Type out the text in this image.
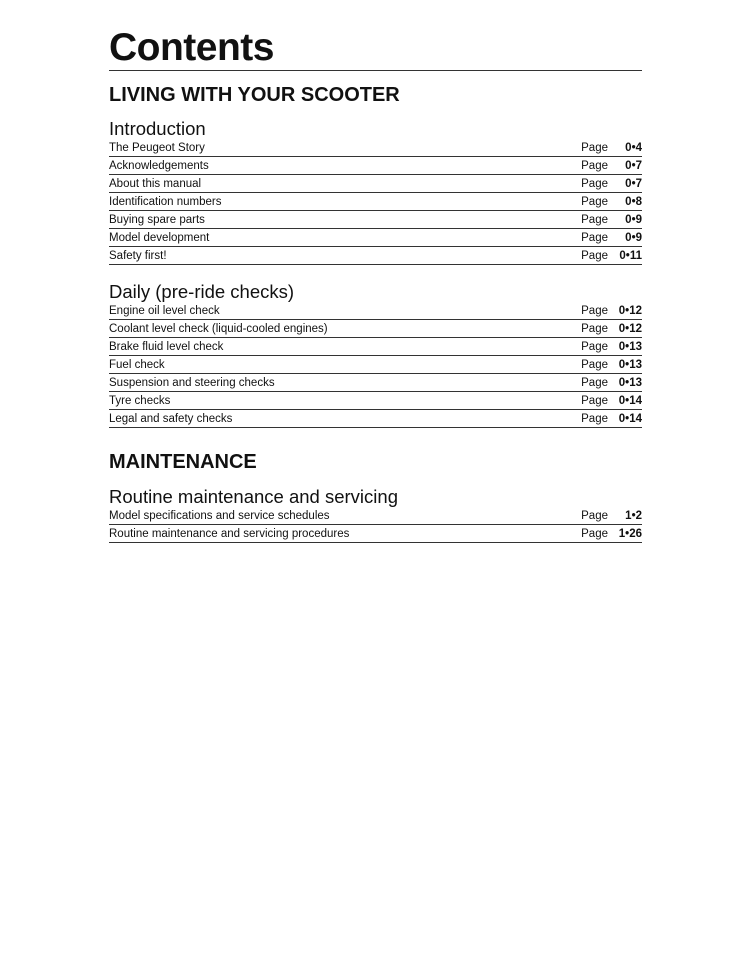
Contents
LIVING WITH YOUR SCOOTER
Introduction
The Peugeot Story	Page 0•4
Acknowledgements	Page 0•7
About this manual	Page 0•7
Identification numbers	Page 0•8
Buying spare parts	Page 0•9
Model development	Page 0•9
Safety first!	Page 0•11
Daily (pre-ride checks)
Engine oil level check	Page 0•12
Coolant level check (liquid-cooled engines)	Page 0•12
Brake fluid level check	Page 0•13
Fuel check	Page 0•13
Suspension and steering checks	Page 0•13
Tyre checks	Page 0•14
Legal and safety checks	Page 0•14
MAINTENANCE
Routine maintenance and servicing
Model specifications and service schedules	Page 1•2
Routine maintenance and servicing procedures	Page 1•26
